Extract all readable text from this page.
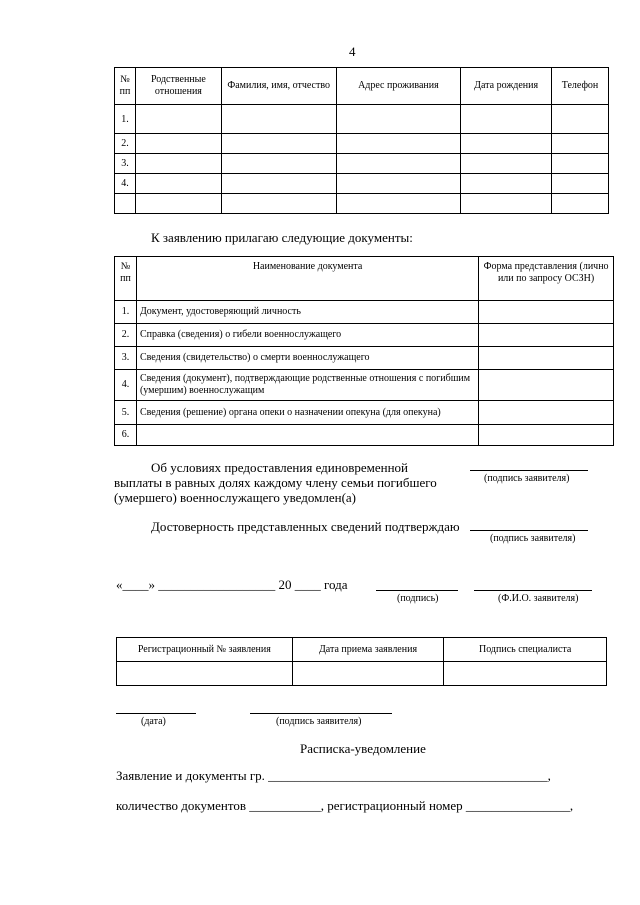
4
№ пп	Родственные отношения	Фамилия, имя, отчество	Адрес проживания	Дата рождения	Телефон
1.					
2.					
3.					
4.					

К заявлению прилагаю следующие документы:
№ пп	Наименование документа	Форма представления (лично или по запросу ОСЗН)
1.	Документ, удостоверяющий личность	
2.	Справка (сведения) о гибели военнослужащего	
3.	Сведения (свидетельство) о смерти военнослужащего	
4.	Сведения (документ), подтверждающие родственные отношения с погибшим (умершим) военнослужащим	
5.	Сведения (решение) органа опеки о назначении опекуна (для опекуна)	
6.		
Об условиях предоставления единовременной
выплаты в равных долях каждому члену семьи погибшего
(умершего) военнослужащего уведомлен(а)
(подпись заявителя)
Достоверность представленных сведений подтверждаю
(подпись заявителя)
«____» __________________ 20 ____ года
(подпись)	(Ф.И.О. заявителя)
Регистрационный № заявления	Дата приема заявления	Подпись специалиста

(дата)	(подпись заявителя)
Расписка-уведомление
Заявление и документы гр. ___________________________________________,
количество документов ___________, регистрационный номер ________________,
